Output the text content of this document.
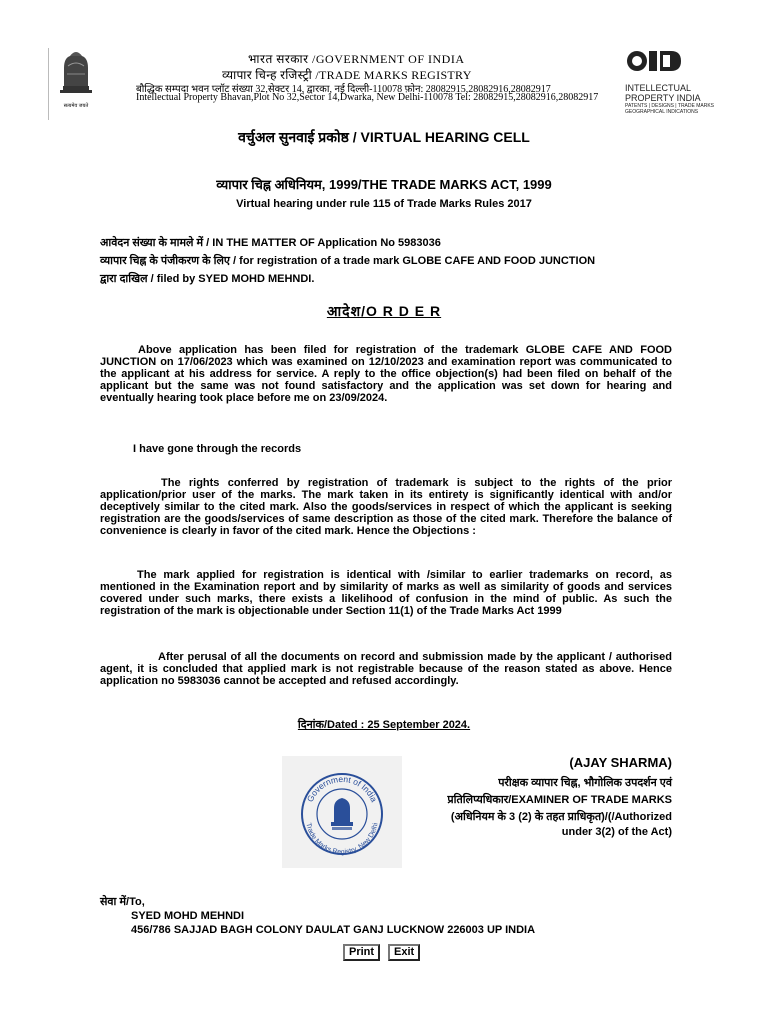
सत्यमेव जयते
भारत सरकार /GOVERNMENT OF INDIA
व्यापार चिन्ह रजिस्ट्री /TRADE MARKS REGISTRY
बौद्धिक सम्पदा भवन प्लॉट संख्या 32,सेक्टर 14, द्वारका, नई दिल्ली-110078 फ़ोन: 28082915,28082916,28082917
Intellectual Property Bhavan,Plot No 32,Sector 14,Dwarka, New Delhi-110078 Tel: 28082915,28082916,28082917
INTELLECTUAL
PROPERTY INDIA
PATENTS | DESIGNS | TRADE MARKS
GEOGRAPHICAL INDICATIONS
वर्चुअल सुनवाई प्रकोष्ठ / VIRTUAL HEARING CELL
व्यापार चिह्न अधिनियम, 1999/THE TRADE MARKS ACT, 1999
Virtual hearing under rule 115 of Trade Marks Rules 2017
आवेदन संख्या के मामले में / IN THE MATTER OF Application No 5983036
व्यापार चिह्न के पंजीकरण के लिए / for registration of a trade mark GLOBE CAFE AND FOOD JUNCTION
द्वारा दाखिल / filed by SYED MOHD MEHNDI.
आदेश/O R D E R
Above application has been filed for registration of the trademark GLOBE CAFE AND FOOD JUNCTION on 17/06/2023 which was examined on 12/10/2023 and examination report was communicated to the applicant at his address for service. A reply to the office objection(s) had been filed on behalf of the applicant but the same was not found satisfactory and the application was set down for hearing and eventually hearing took place before me on 23/09/2024.
I have gone through the records
The rights conferred by registration of trademark is subject to the rights of the prior application/prior user of the marks. The mark taken in its entirety is significantly identical with and/or deceptively similar to the cited mark. Also the goods/services in respect of which the applicant is seeking registration are the goods/services of same description as those of the cited mark. Therefore the balance of convenience is clearly in favor of the cited mark. Hence the Objections :
The mark applied for registration is identical with /similar to earlier trademarks on record, as mentioned in the Examination report and by similarity of marks as well as similarity of goods and services covered under such marks, there exists a likelihood of confusion in the mind of public. As such the registration of the mark is objectionable under Section 11(1) of the Trade Marks Act 1999
After perusal of all the documents on record and submission made by the applicant / authorised agent, it is concluded that applied mark is not registrable because of the reason stated as above. Hence application no 5983036 cannot be accepted and refused accordingly.
दिनांक/Dated : 25 September 2024.
Government of India
Trade Marks Registry, New Delhi
(AJAY SHARMA)
परीक्षक व्यापार चिह्न, भौगोलिक उपदर्शन एवं
प्रतिलिप्यधिकार/EXAMINER OF TRADE MARKS
(अधिनियम के 3 (2) के तहत प्राधिकृत)/(/Authorized
under 3(2) of the Act)
सेवा में/To,
SYED MOHD MEHNDI
456/786 SAJJAD BAGH COLONY DAULAT GANJ LUCKNOW 226003 UP INDIA
Print	Exit
